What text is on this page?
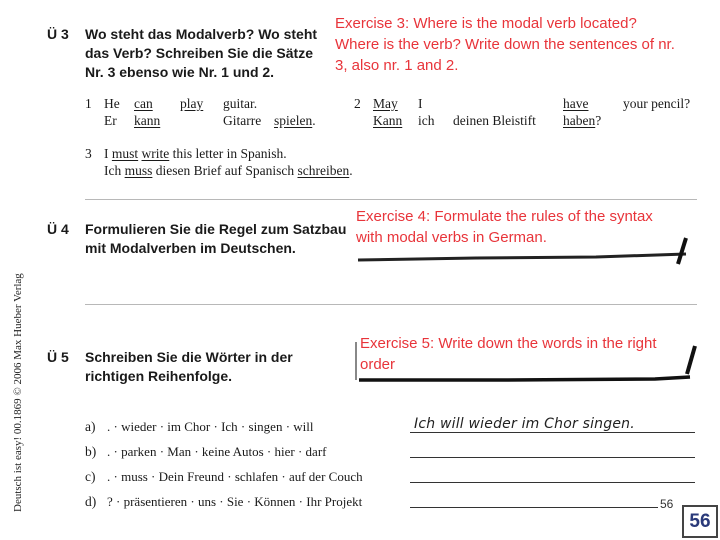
Deutsch ist easy! 00.1869 © 2006 Max Hueber Verlag
Ü 3 Wo steht das Modalverb? Wo steht
das Verb? Schreiben Sie die Sätze
Nr. 3 ebenso wie Nr. 1 und 2.
Exercise 3: Where is the modal verb located?
Where is the verb? Write down the sentences of nr.
3, also nr. 1 and 2.
1 He can play guitar.
Er kann	Gitarre spielen.
2 May I	have	your pencil?
Kann ich deinen Bleistift haben?
3 I must write this letter in Spanish.
Ich muss diesen Brief auf Spanisch schreiben.
Ü 4 Formulieren Sie die Regel zum Satzbau
mit Modalverben im Deutschen.
Exercise 4: Formulate the rules of the syntax
with modal verbs in German.
Ü 5 Schreiben Sie die Wörter in der
richtigen Reihenfolge.
Exercise 5: Write down the words in the right
order
a) . · wieder · im Chor · Ich · singen · will	Ich will wieder im Chor singen.
b) . · parken · Man · keine Autos · hier · darf
c) . · muss · Dein Freund · schlafen · auf der Couch
d) ? · präsentieren · uns · Sie · Können · Ihr Projekt	56
56
